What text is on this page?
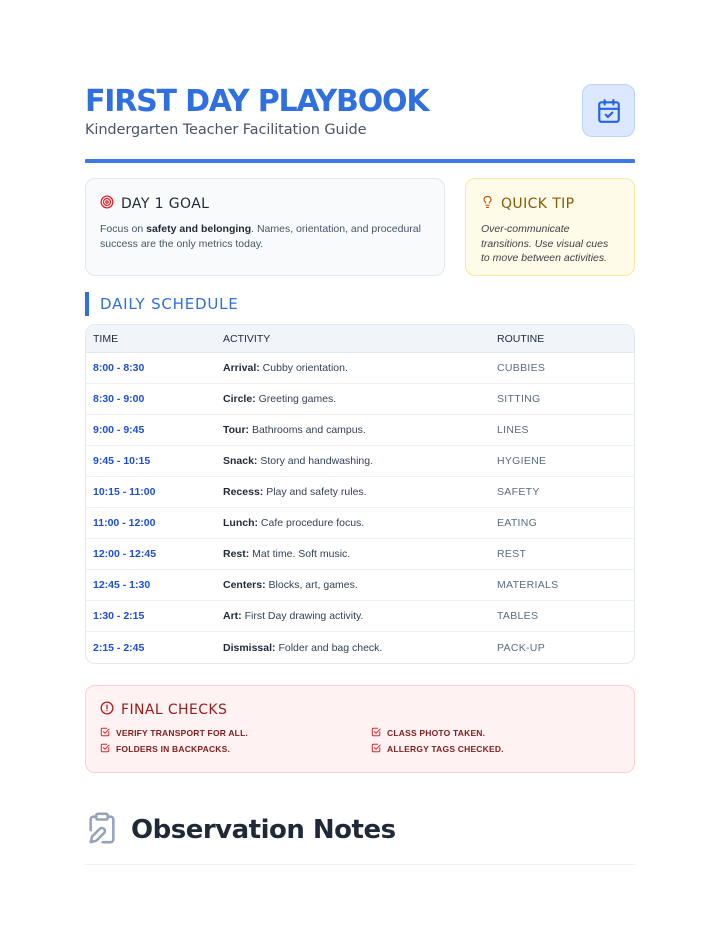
FIRST DAY PLAYBOOK
Kindergarten Teacher Facilitation Guide
DAY 1 GOAL
Focus on safety and belonging. Names, orientation, and procedural success are the only metrics today.
QUICK TIP
Over-communicate transitions. Use visual cues to move between activities.
DAILY SCHEDULE
TIME	ACTIVITY	ROUTINE
8:00 - 8:30	Arrival: Cubby orientation.	CUBBIES
8:30 - 9:00	Circle: Greeting games.	SITTING
9:00 - 9:45	Tour: Bathrooms and campus.	LINES
9:45 - 10:15	Snack: Story and handwashing.	HYGIENE
10:15 - 11:00	Recess: Play and safety rules.	SAFETY
11:00 - 12:00	Lunch: Cafe procedure focus.	EATING
12:00 - 12:45	Rest: Mat time. Soft music.	REST
12:45 - 1:30	Centers: Blocks, art, games.	MATERIALS
1:30 - 2:15	Art: First Day drawing activity.	TABLES
2:15 - 2:45	Dismissal: Folder and bag check.	PACK-UP
FINAL CHECKS
VERIFY TRANSPORT FOR ALL.	CLASS PHOTO TAKEN.
FOLDERS IN BACKPACKS.	ALLERGY TAGS CHECKED.
Observation Notes
